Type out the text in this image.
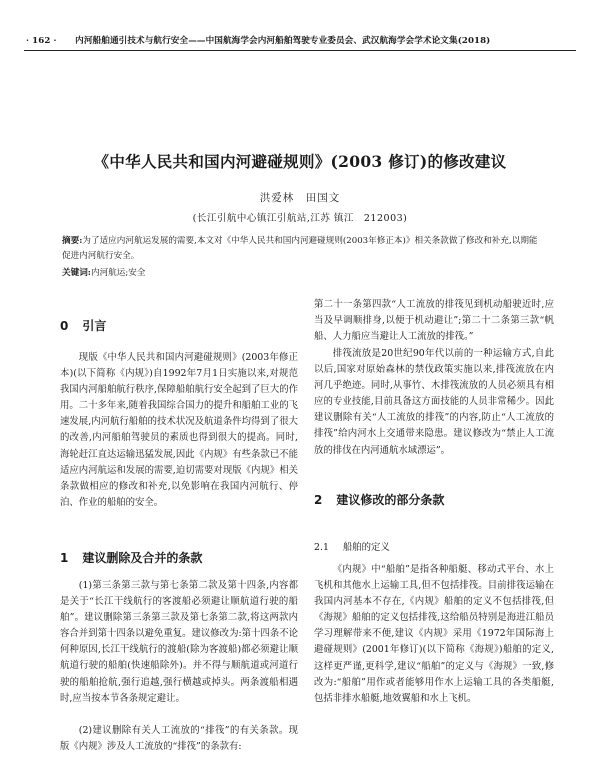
· 162 · 内河船舶通引技术与航行安全——中国航海学会内河船舶驾驶专业委员会、武汉航海学会学术论文集(2018)
《中华人民共和国内河避碰规则》(2003 修订)的修改建议
洪爱林　田国文
(长江引航中心镇江引航站,江苏 镇江　212003)
摘要:为了适应内河航运发展的需要,本文对《中华人民共和国内河避碰规则(2003年修正本)》相关条款做了修改和补充,以期能促进内河航行安全。
关键词:内河航运;安全
0 引言

现版《中华人民共和国内河避碰规则》(2003年修正本)(以下简称《内规》)自1992年7月1日实施以来,对规范我国内河船舶航行秩序,保障船舶航行安全起到了巨大的作用。二十多年来,随着我国综合国力的提升和船舶工业的飞速发展,内河航行船舶的技术状况及航道条件均得到了很大的改善,内河船舶驾驶员的素质也得到很大的提高。同时,海轮赶江直达运输迅猛发展,因此《内规》有些条款已不能适应内河航运和发展的需要,迫切需要对现版《内规》相关条款做相应的修改和补充,以免影响在我国内河航行、停泊、作业的船舶的安全。

1 建议删除及合并的条款

(1)第三条第三款与第七条第二款及第十四条,内容都是关于“长江干线航行的客渡船必须避让顺航道行驶的船舶”。建议删除第三条第三款及第七条第二款,将这两款内容合并到第十四条以避免重复。建议修改为:第十四条不论何种原因,长江干线航行的渡船(除为客渡船)都必须避让顺航道行驶的船舶(快速船除外)。并不得与顺航道或河道行驶的船舶抢航,强行追越,强行横越或掉头。两条渡船相遇时,应当按本节各条规定避让。

(2)建议删除有关人工流放的“排筏”的有关条款。现版《内规》涉及人工流放的“排筏”的条款有:

第二十一条第四款“人工流放的排筏见到机动船驶近时,应当及早调顺排身,以便于机动避让”;第二十二条第三款“帆船、人力船应当避让人工流放的排筏。”

排筏流放是20世纪90年代以前的一种运输方式,自此以后,国家对原始森林的禁伐政策实施以来,排筏流放在内河几乎绝迹。同时,从事竹、木排筏流放的人员必须具有相应的专业技能,目前具备这方面技能的人员非常稀少。因此建议删除有关“人工流放的排筏”的内容,防止“人工流放的排筏”给内河水上交通带来隐患。建议修改为“禁止人工流放的排伐在内河通航水域漂运”。

2 建议修改的部分条款
2.1 船舶的定义

《内规》中“船舶”是指各种船艇、移动式平台、水上飞机和其他水上运输工具,但不包括排筏。目前排筏运输在我国内河基本不存在,《内规》船舶的定义不包括排筏,但《海规》船舶的定义包括排筏,这给船员特别是海进江船员学习理解带来不便,建议《内规》采用《1972年国际海上避碰规则》(2001年修订)(以下简称《海规》)船舶的定义,这样更严谨,更科学,建议“船舶”的定义与《海规》一致,修改为:“船舶”用作或者能够用作水上运输工具的各类船艇,包括非排水船艇,地效翼船和水上飞机。
